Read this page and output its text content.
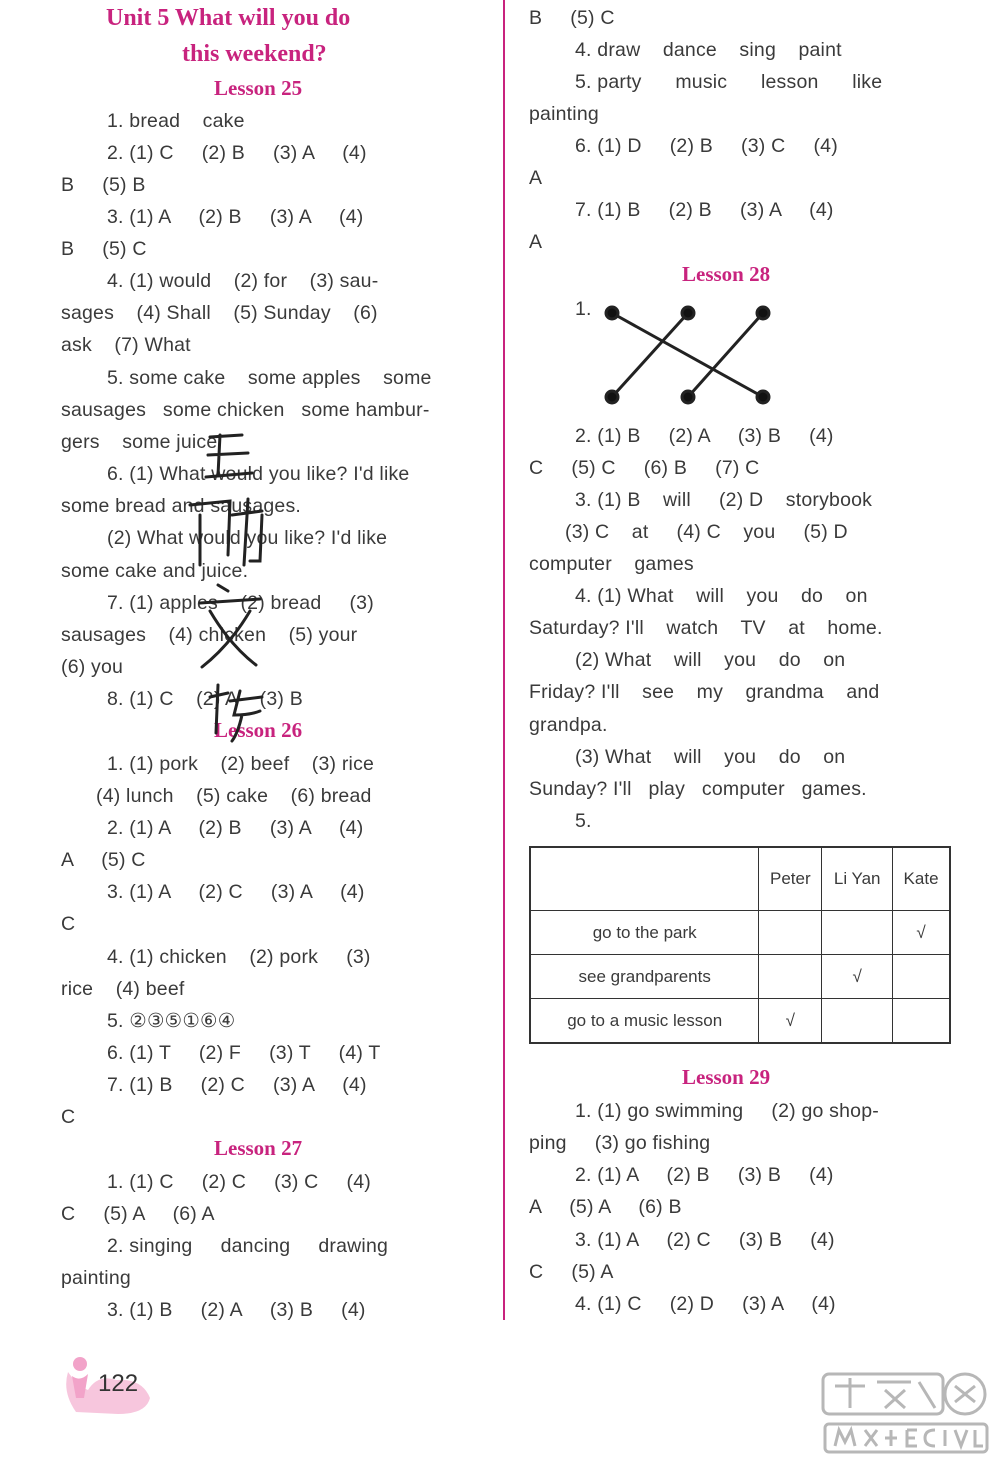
Unit 5 What will you do
this weekend?
Lesson 25
1. bread    cake
2. (1) C     (2) B     (3) A     (4)
B     (5) B
3. (1) A     (2) B     (3) A     (4)
B     (5) C
4. (1) would    (2) for    (3) sau-
sages    (4) Shall    (5) Sunday    (6)
ask    (7) What
5. some cake    some apples    some
sausages   some chicken   some hambur-
gers    some juice
6. (1) What would you like? I'd like
some bread and sausages.
(2) What would you like? I'd like
some cake and juice.
7. (1) apples    (2) bread     (3)
sausages    (4) chicken    (5) your
(6) you
8. (1) C    (2) A    (3) B
Lesson 26
1. (1) pork    (2) beef    (3) rice
(4) lunch    (5) cake    (6) bread
2. (1) A     (2) B     (3) A     (4)
A     (5) C
3. (1) A     (2) C     (3) A     (4)
C
4. (1) chicken    (2) pork     (3)
rice    (4) beef
5. ②③⑤①⑥④
6. (1) T     (2) F     (3) T     (4) T
7. (1) B     (2) C     (3) A     (4)
C
Lesson 27
1. (1) C     (2) C     (3) C     (4)
C     (5) A     (6) A
2. singing     dancing     drawing
painting
3. (1) B     (2) A     (3) B     (4)
B     (5) C
4. draw    dance    sing    paint
5. party      music      lesson      like
painting
6. (1) D     (2) B     (3) C     (4)
A
7. (1) B     (2) B     (3) A     (4)
A
Lesson 28
1.
2. (1) B     (2) A     (3) B     (4)
C     (5) C     (6) B     (7) C
3. (1) B    will     (2) D    storybook
(3) C    at     (4) C    you     (5) D
computer    games
4. (1) What    will    you    do    on
Saturday? I'll    watch    TV    at    home.
(2) What    will    you    do    on
Friday? I'll    see    my    grandma    and
grandpa.
(3) What    will    you    do    on
Sunday? I'll   play   computer   games.
5.
	Peter	Li Yan	Kate
go to the park			√
see grandparents		√	
go to a music lesson	√		
Lesson 29
1. (1) go swimming     (2) go shop-
ping     (3) go fishing
2. (1) A     (2) B     (3) B     (4)
A     (5) A     (6) B
3. (1) A     (2) C     (3) B     (4)
C     (5) A
4. (1) C     (2) D     (3) A     (4)
122
